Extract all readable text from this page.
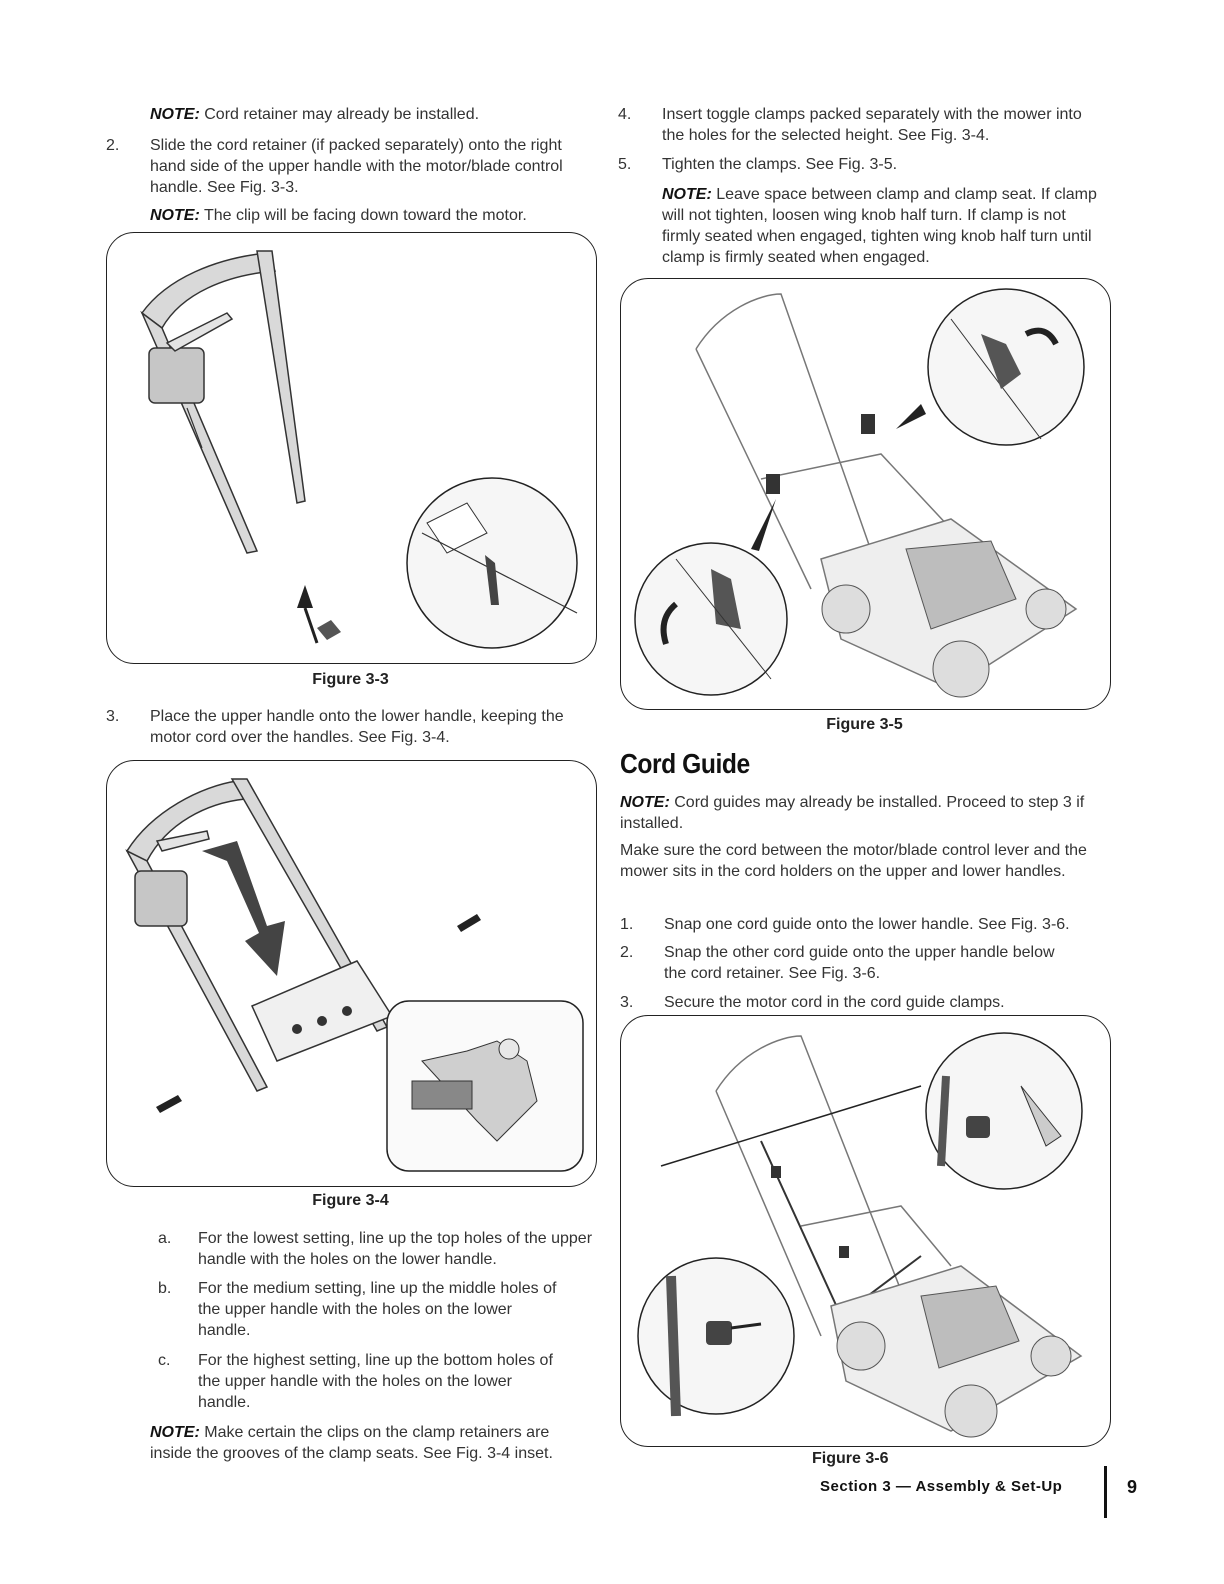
NOTE: Cord retainer may already be installed.
2. Slide the cord retainer (if packed separately) onto the right hand side of the upper handle with the motor/blade control handle. See Fig. 3-3.
NOTE: The clip will be facing down toward the motor.
Figure 3-3
3. Place the upper handle onto the lower handle, keeping the motor cord over the handles. See Fig. 3-4.
Figure 3-4
a. For the lowest setting, line up the top holes of the upper handle with the holes on the lower handle.
b. For the medium setting, line up the middle holes of the upper handle with the holes on the lower handle.
c. For the highest setting, line up the bottom holes of the upper handle with the holes on the lower handle.
NOTE: Make certain the clips on the clamp retainers are inside the grooves of the clamp seats. See Fig. 3-4 inset.
4. Insert toggle clamps packed separately with the mower into the holes for the selected height. See Fig. 3-4.
5. Tighten the clamps. See Fig. 3-5.
NOTE: Leave space between clamp and clamp seat. If clamp will not tighten, loosen wing knob half turn. If clamp is not firmly seated when engaged, tighten wing knob half turn until clamp is firmly seated when engaged.
Figure 3-5
Cord Guide
NOTE: Cord guides may already be installed. Proceed to step 3 if installed.
Make sure the cord between the motor/blade control lever and the mower sits in the cord holders on the upper and lower handles.
1. Snap one cord guide onto the lower handle. See Fig. 3-6.
2. Snap the other cord guide onto the upper handle below the cord retainer. See Fig. 3-6.
3. Secure the motor cord in the cord guide clamps.
Figure 3-6
Section 3 — Assembly & Set-Up	9
